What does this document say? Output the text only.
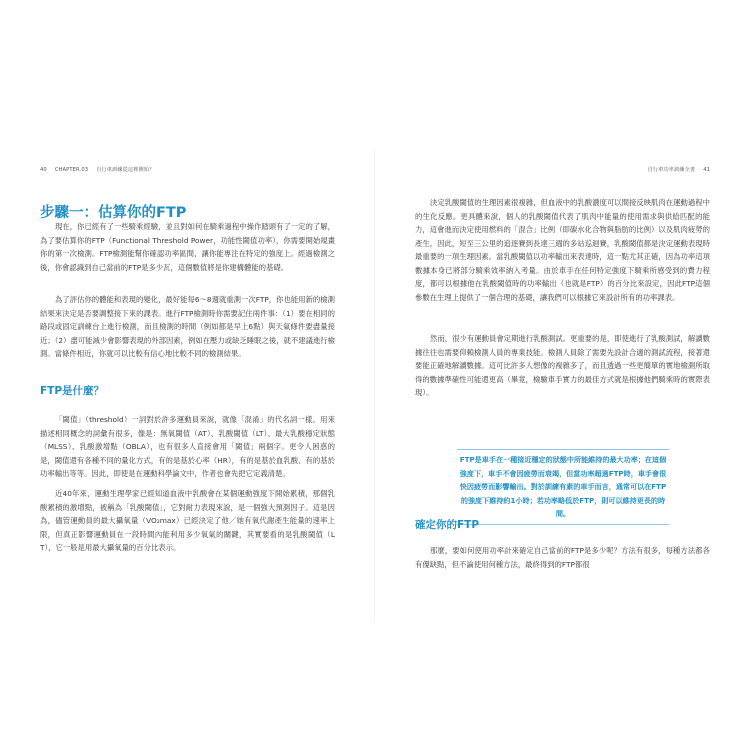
40 CHAPTER.03 自行車訓練從這裡開始？
步驟一：估算你的FTP

現在，你已經有了一些騎乘經驗，並且對如何在騎乘過程中操作踏頭有了一定的了解，為了要估算你的FTP（Functional Threshold Power，功能性閾值功率），你需要開始規畫你的第一次檢測。FTP檢測能幫你確認功率區間，讓你能專注在特定的強度上。經過檢測之後，你會認識到自己當前的FTP是多少瓦，這個數值將是你建構體能的基礎。

為了評估你的體能和表現的變化，最好能每6～8週就重測一次FTP，你也能用新的檢測結果來決定是否要調整接下來的課表。進行FTP檢測時你需要記住兩件事：（1）要在相同的路段或固定訓練台上進行檢測，而且檢測的時間（例如都是早上6點）與天氣條件要盡量接近；（2）盡可能減少會影響表現的外部因素，例如在壓力或缺乏睡眠之後，就不建議進行檢測。當條件相近，你就可以比較有信心地比較不同的檢測結果。

FTP是什麼？

「閾值」（threshold）一詞對於許多運動員來說，就像「混淆」的代名詞一樣。用來描述相同概念的詞彙有很多，像是：無氧閾值（AT）、乳酸閾值（LT）、最大乳酸穩定狀態（MLSS）、乳酸激增點（OBLA），也有很多人直接會用「閾值」兩個字。更令人困惑的是，閾值還有各種不同的量化方式，有的是基於心率（HR），有的是基於血乳酸、有的基於功率輸出等等。因此，即使是在運動科學論文中，作者也會先把它定義清楚。

近40年來，運動生理學家已經知道血液中乳酸會在某個運動強度下開始累積，那個乳酸累積的激增點，被稱為「乳酸閾值」，它對耐力表現來說，是一個強大預測因子。這是因為，儘管運動員的最大攝氧量（VO₂max）已經決定了他／她有氧代謝產生能量的速率上限，但真正影響運動員在一段時間內能利用多少氧氣的關鍵，其實要看的是乳酸閾值（LT），它一般是用最大攝氧量的百分比表示。

自行車功率訓練全書 41

決定乳酸閾值的生理因素很複雜，但血液中的乳酸濃度可以間接反映肌肉在運動過程中的生化反應。更具體來說，個人的乳酸閾值代表了肌肉中能量的使用需求與供給匹配的能力，這會進而決定使用燃料的「混合」比例（即碳水化合物與脂肪的比例）以及肌肉疲勞的產生。因此，短至三公里的追逐賽到長達三週的多站巡迴賽，乳酸閾值都是決定運動表現時最重要的一項生理因素。當乳酸閾值以功率輸出來表達時，這一點尤其正確，因為功率這項數據本身已將部分騎乘效率納入考量。由於車手在任何特定強度下騎乘所感受到的費力程度，都可以根據他在乳酸閾值時的功率輸出（也就是FTP）的百分比來設定，因此FTP這個參數在生理上提供了一個合理的基礎，讓我們可以根據它來設計所有的功率課表。

然而，很少有運動員會定期進行乳酸測試。更重要的是，即使進行了乳酸測試，解讀數據往往也需要仰賴檢測人員的專業技能。檢測人員除了需要先設計合適的測試流程，接著還要能正確地解讀數據。這可比許多人想像的複雜多了，而且透過一些更簡單的實地檢測所取得的數據準確性可能還更高（畢竟，檢驗車手實力的最佳方式就是根據他們騎乘時的實際表現）。

FTP是車手在一種接近穩定的狀態中所能維持的最大功率；在這個強度下，車手不會因疲勞而衰竭，但當功率超過FTP時，車手會很快因疲勞而影響輸出。對於訓練有素的車手而言，通常可以在FTP的強度下維持約1小時；若功率略低於FTP，則可以維持更長的時間。
確定你的FTP

那麼，要如何使用功率計來確定自己當前的FTP是多少呢？方法有很多，每種方法都各有優缺點，但不論使用何種方法，最終得到的FTP都很
